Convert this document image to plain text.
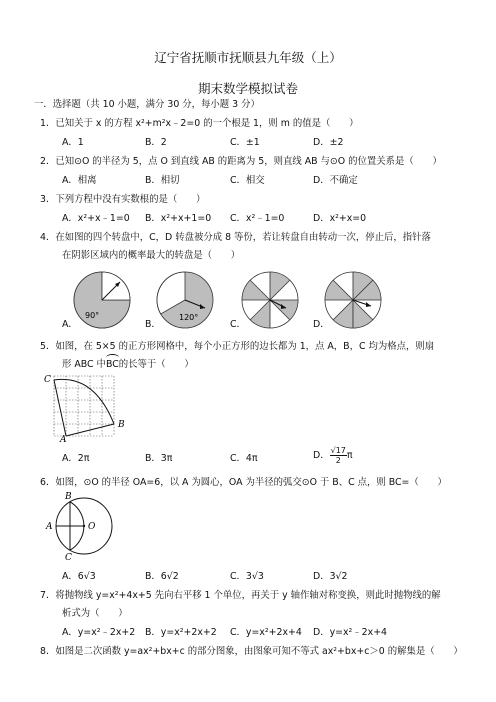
辽宁省抚顺市抚顺县九年级（上）
期末数学模拟试卷
一．选择题（共 10 小题，满分 30 分，每小题 3 分）
1．已知关于 x 的方程 x²+m²x﹣2=0 的一个根是 1，则 m 的值是（　　）
A．1	B．2	C．±1	D．±2
2．已知⊙O 的半径为 5，点 O 到直线 AB 的距离为 5，则直线 AB 与⊙O 的位置关系是（　　）
A．相离	B．相切	C．相交	D．不确定
3．下列方程中没有实数根的是（　　）
A．x²+x﹣1=0 B．x²+x+1=0 C．x²﹣1=0	D．x²+x=0
4．在如图的四个转盘中，C，D 转盘被分成 8 等份，若让转盘自由转动一次，停止后，指针落
在阴影区域内的概率最大的转盘是（　　）
A．
90°
B．
120°
C．	D．
5．如图，在 5×5 的正方形网格中，每个小正方形的边长都为 1，点 A，B，C 均为格点，则扇
形 ABC 中BC的长等于（　　）
C
B
A
A．2π	B．3π	C．4π	D． $\frac{√17}{2}$ π
6．如图，⊙O 的半径 OA=6，以 A 为圆心，OA 为半径的弧交⊙O 于 B、C 点，则 BC=（　　）
B
A	O
C
A．6√3	B．6√2	C．3√3	D．3√2
7．将抛物线 y=x²+4x+5 先向右平移 1 个单位，再关于 y 轴作轴对称变换，则此时抛物线的解
析式为（　　）
A．y=x²﹣2x+2 B．y=x²+2x+2 C．y=x²+2x+4 D．y=x²﹣2x+4
8．如图是二次函数 y=ax²+bx+c 的部分图象，由图象可知不等式 ax²+bx+c＞0 的解集是（　　）
